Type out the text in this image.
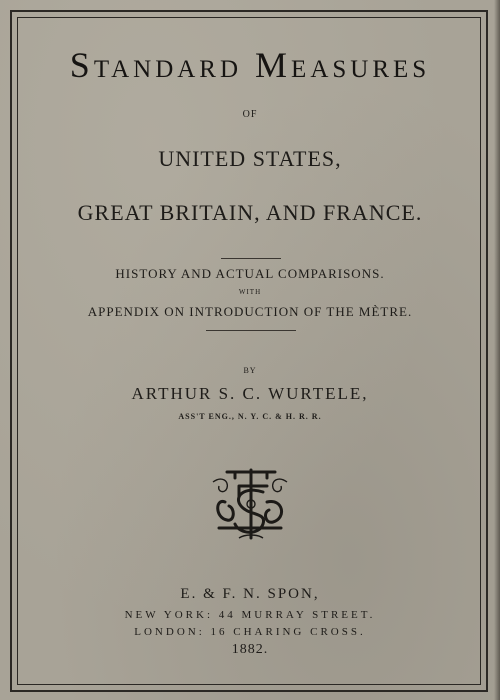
Standard Measures
OF
UNITED STATES,
GREAT BRITAIN, AND FRANCE.
HISTORY AND ACTUAL COMPARISONS.
WITH
APPENDIX ON INTRODUCTION OF THE MÈTRE.
BY
ARTHUR S. C. WURTELE,
ASS'T ENG., N. Y. C. & H. R. R.
E. & F. N. SPON,
NEW YORK: 44 MURRAY STREET.
LONDON: 16 CHARING CROSS.
1882.
